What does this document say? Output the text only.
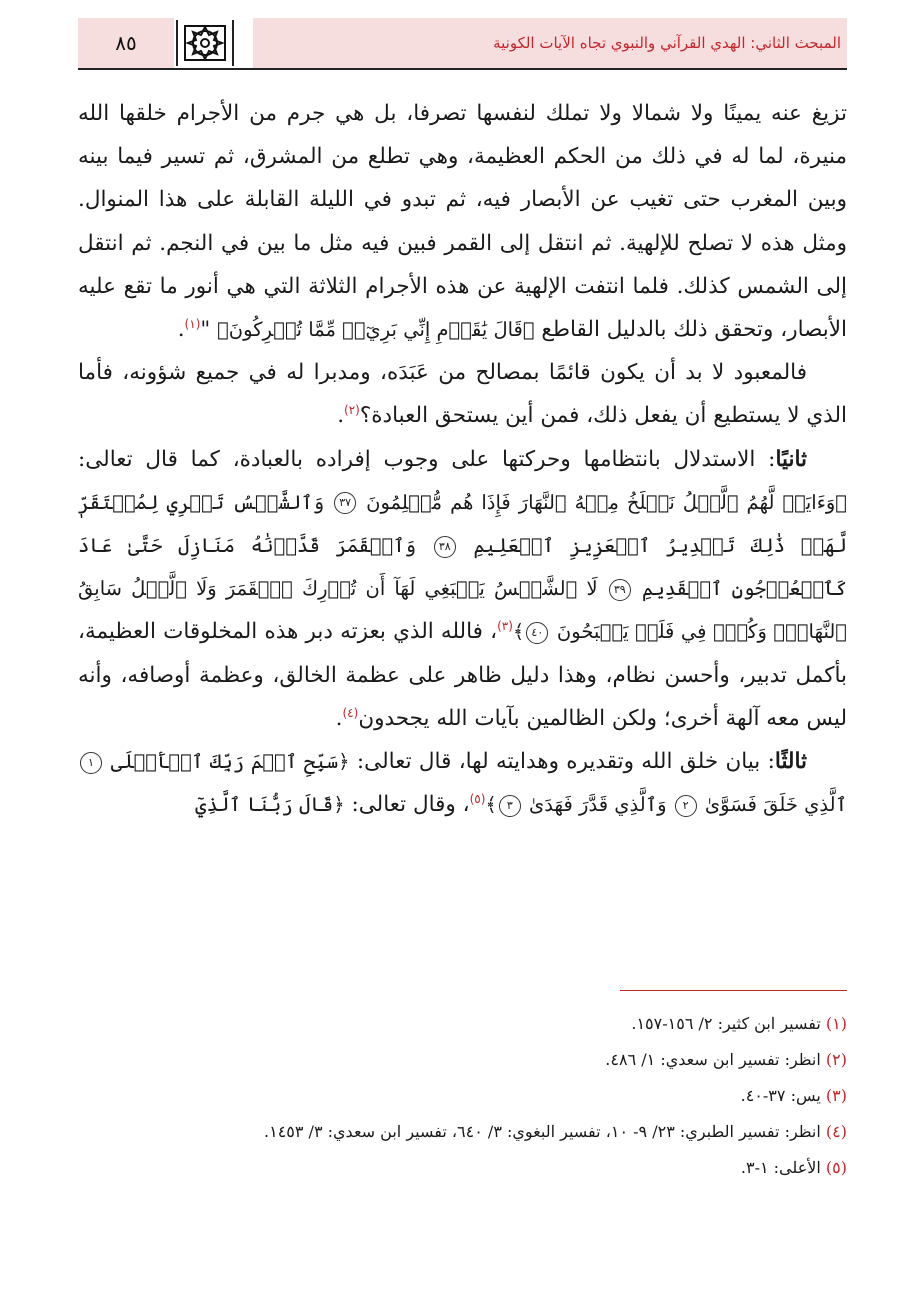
المبحث الثاني: الهدي القرآني والنبوي تجاه الآيات الكونية
٨٥

تزيغ عنه يمينًا ولا شمالا ولا تملك لنفسها تصرفا، بل هي جرم من الأجرام خلقها الله منيرة، لما له في ذلك من الحكم العظيمة، وهي تطلع من المشرق، ثم تسير فيما بينه وبين المغرب حتى تغيب عن الأبصار فيه، ثم تبدو في الليلة القابلة على هذا المنوال. ومثل هذه لا تصلح للإلهية. ثم انتقل إلى القمر فبين فيه مثل ما بين في النجم. ثم انتقل إلى الشمس كذلك. فلما انتفت الإلهية عن هذه الأجرام الثلاثة التي هي أنور ما تقع عليه الأبصار، وتحقق ذلك بالدليل القاطع ﴿قَالَ يَٰقَوۡمِ إِنِّي بَرِيٓءٞ مِّمَّا تُشۡرِكُونَ﴾ "$^{(١)}$.

فالمعبود لا بد أن يكون قائمًا بمصالح من عَبَدَه، ومدبرا له في جميع شؤونه، فأما الذي لا يستطيع أن يفعل ذلك، فمن أين يستحق العبادة؟$^{(٢)}$.

ثانيًا: الاستدلال بانتظامها وحركتها على وجوب إفراده بالعبادة، كما قال تعالى: ﴿وَءَايَةٞ لَّهُمُ ٱلَّيۡلُ نَسۡلَخُ مِنۡهُ ٱلنَّهَارَ فَإِذَا هُم مُّظۡلِمُونَ ٣٧ وَٱلشَّمۡسُ تَجۡرِي لِمُسۡتَقَرّٖ لَّهَاۚ ذَٰلِكَ تَقۡدِيرُ ٱلۡعَزِيزِ ٱلۡعَلِيمِ ٣٨ وَٱلۡقَمَرَ قَدَّرۡنَٰهُ مَنَازِلَ حَتَّىٰ عَادَ كَٱلۡعُرۡجُونِ ٱلۡقَدِيمِ ٣٩ لَا ٱلشَّمۡسُ يَنۢبَغِي لَهَآ أَن تُدۡرِكَ ٱلۡقَمَرَ وَلَا ٱلَّيۡلُ سَابِقُ ٱلنَّهَارِۚ وَكُلّٞ فِي فَلَكٖ يَسۡبَحُونَ ٤٠﴾$^{(٣)}$، فالله الذي بعزته دبر هذه المخلوقات العظيمة، بأكمل تدبير، وأحسن نظام، وهذا دليل ظاهر على عظمة الخالق، وعظمة أوصافه، وأنه ليس معه آلهة أخرى؛ ولكن الظالمين بآيات الله يجحدون$^{(٤)}$.

ثالثًا: بيان خلق الله وتقديره وهدايته لها، قال تعالى: ﴿سَبِّحِ ٱسۡمَ رَبِّكَ ٱلۡأَعۡلَى ١ ٱلَّذِي خَلَقَ فَسَوَّىٰ ٢ وَٱلَّذِي قَدَّرَ فَهَدَىٰ ٣﴾$^{(٥)}$، وقال تعالى: ﴿قَالَ رَبُّنَا ٱلَّذِيٓ

(١) تفسير ابن كثير: ٢/ ١٥٦-١٥٧.
(٢) انظر: تفسير ابن سعدي: ١/ ٤٨٦.
(٣) يس: ٣٧-٤٠.
(٤) انظر: تفسير الطبري: ٢٣/ ٩- ١٠، تفسير البغوي: ٣/ ٦٤٠، تفسير ابن سعدي: ٣/ ١٤٥٣.
(٥) الأعلى: ١-٣.
